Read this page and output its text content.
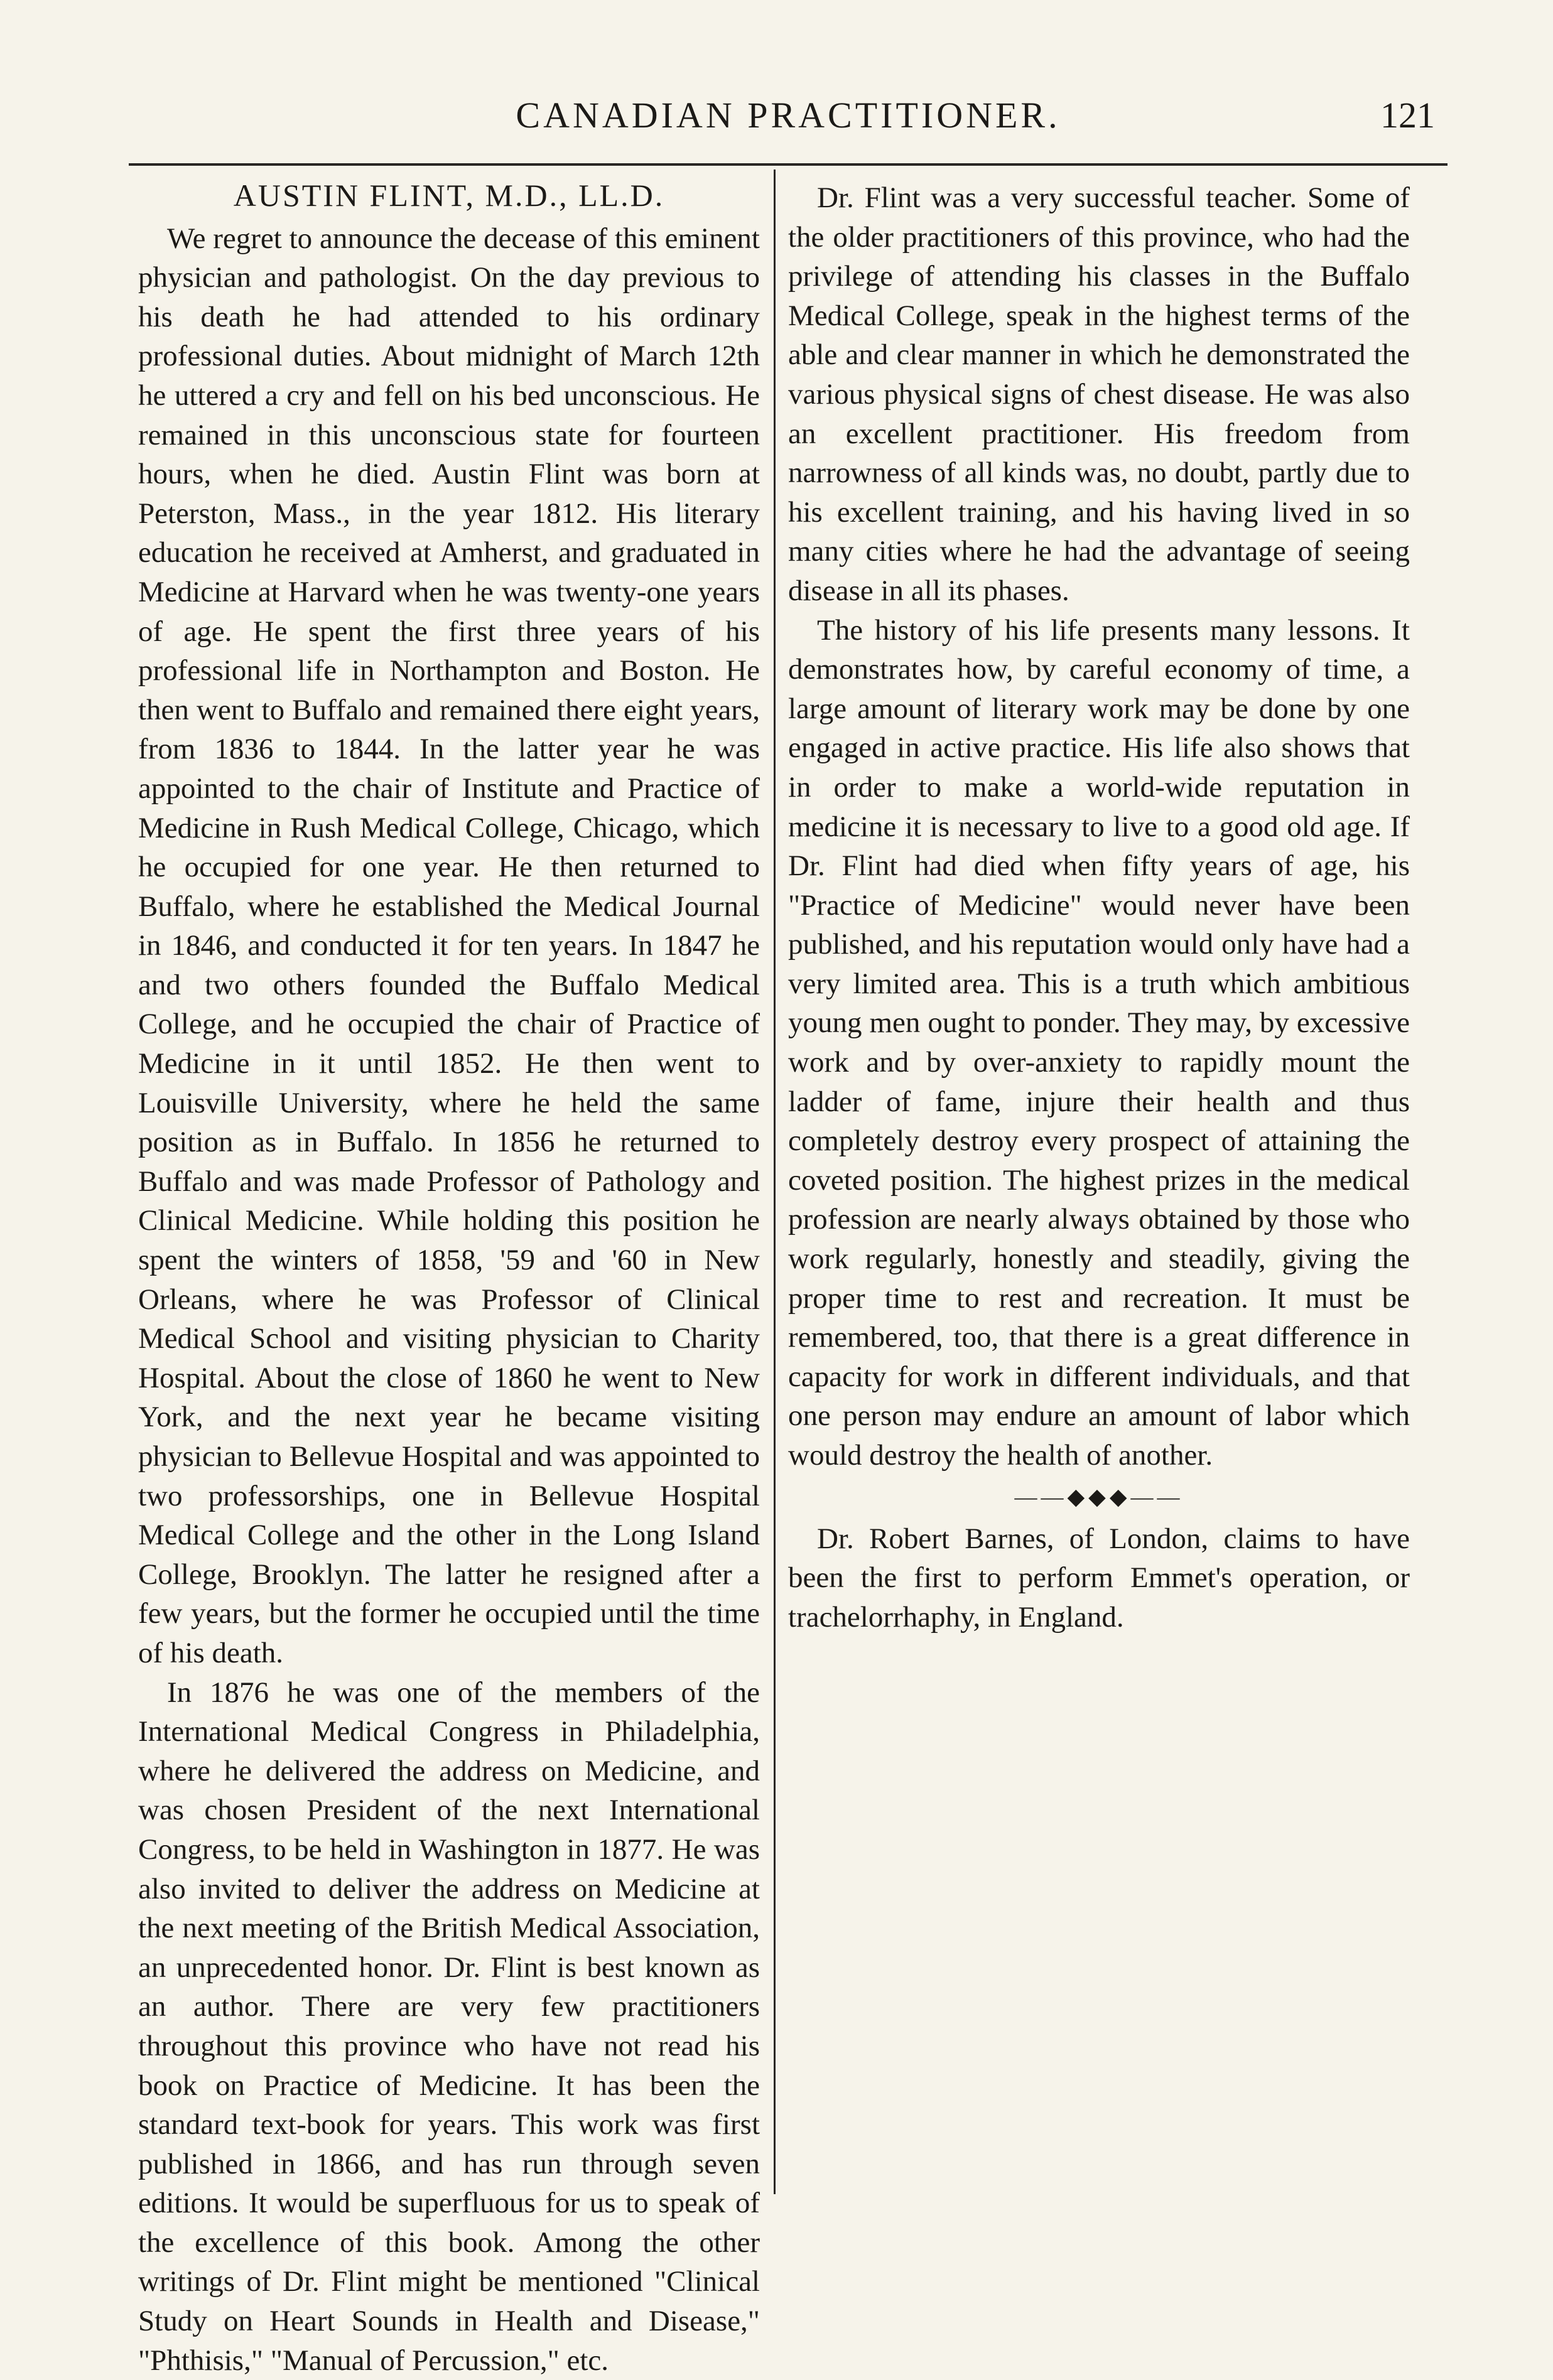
CANADIAN PRACTITIONER.	121
AUSTIN FLINT, M.D., LL.D.

We regret to announce the decease of this eminent physician and pathologist. On the day previous to his death he had attended to his ordinary professional duties. About midnight of March 12th he uttered a cry and fell on his bed unconscious. He remained in this unconscious state for fourteen hours, when he died. Austin Flint was born at Peterston, Mass., in the year 1812. His literary education he received at Amherst, and graduated in Medicine at Harvard when he was twenty-one years of age. He spent the first three years of his professional life in Northampton and Boston. He then went to Buffalo and remained there eight years, from 1836 to 1844. In the latter year he was appointed to the chair of Institute and Practice of Medicine in Rush Medical College, Chicago, which he occupied for one year. He then returned to Buffalo, where he established the Medical Journal in 1846, and conducted it for ten years. In 1847 he and two others founded the Buffalo Medical College, and he occupied the chair of Practice of Medicine in it until 1852. He then went to Louisville University, where he held the same position as in Buffalo. In 1856 he returned to Buffalo and was made Professor of Pathology and Clinical Medicine. While holding this position he spent the winters of 1858, '59 and '60 in New Orleans, where he was Professor of Clinical Medical School and visiting physician to Charity Hospital. About the close of 1860 he went to New York, and the next year he became visiting physician to Bellevue Hospital and was appointed to two professorships, one in Bellevue Hospital Medical College and the other in the Long Island College, Brooklyn. The latter he resigned after a few years, but the former he occupied until the time of his death.

In 1876 he was one of the members of the International Medical Congress in Philadelphia, where he delivered the address on Medicine, and was chosen President of the next International Congress, to be held in Washington in 1877. He was also invited to deliver the address on Medicine at the next meeting of the British Medical Association, an unprecedented honor. Dr. Flint is best known as an author. There are very few practitioners throughout this province who have not read his book on Practice of Medicine. It has been the standard text-book for years. This work was first published in 1866, and has run through seven editions. It would be superfluous for us to speak of the excellence of this book. Among the other writings of Dr. Flint might be mentioned "Clinical Study on Heart Sounds in Health and Disease," "Phthisis," "Manual of Percussion," etc.

Dr. Flint was a very successful teacher. Some of the older practitioners of this province, who had the privilege of attending his classes in the Buffalo Medical College, speak in the highest terms of the able and clear manner in which he demonstrated the various physical signs of chest disease. He was also an excellent practitioner. His freedom from narrowness of all kinds was, no doubt, partly due to his excellent training, and his having lived in so many cities where he had the advantage of seeing disease in all its phases.

The history of his life presents many lessons. It demonstrates how, by careful economy of time, a large amount of literary work may be done by one engaged in active practice. His life also shows that in order to make a world-wide reputation in medicine it is necessary to live to a good old age. If Dr. Flint had died when fifty years of age, his "Practice of Medicine" would never have been published, and his reputation would only have had a very limited area. This is a truth which ambitious young men ought to ponder. They may, by excessive work and by over-anxiety to rapidly mount the ladder of fame, injure their health and thus completely destroy every prospect of attaining the coveted position. The highest prizes in the medical profession are nearly always obtained by those who work regularly, honestly and steadily, giving the proper time to rest and recreation. It must be remembered, too, that there is a great difference in capacity for work in different individuals, and that one person may endure an amount of labor which would destroy the health of another.

——◆◆◆——

Dr. Robert Barnes, of London, claims to have been the first to perform Emmet's operation, or trachelorrhaphy, in England.
